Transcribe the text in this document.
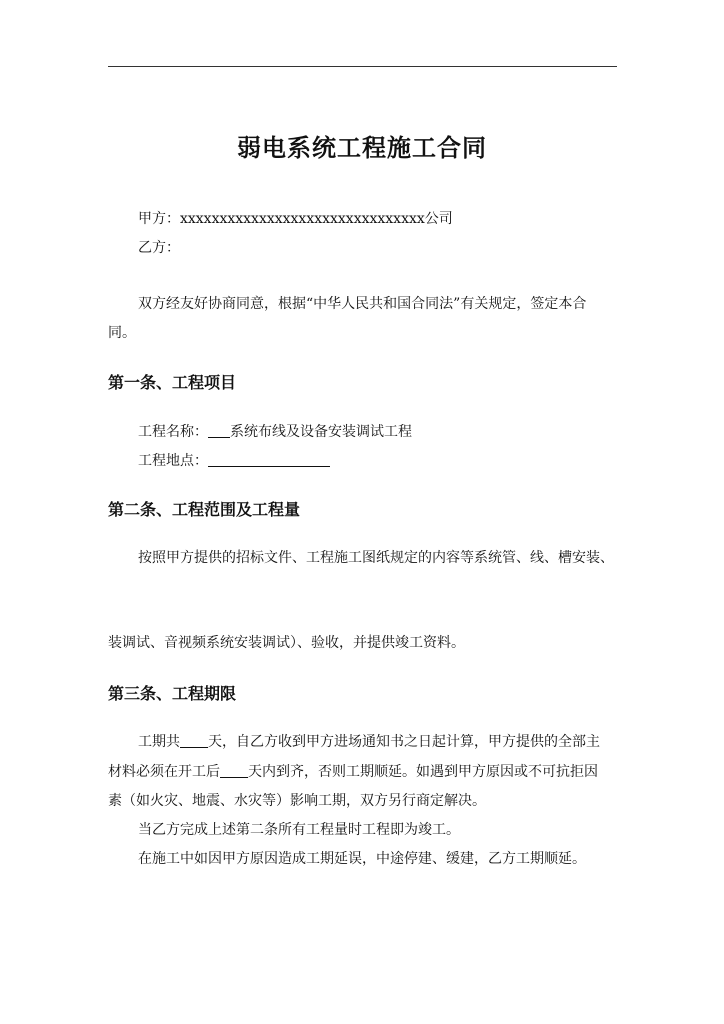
弱电系统工程施工合同
甲方：xxxxxxxxxxxxxxxxxxxxxxxxxxxxxxx公司
乙方：
双方经友好协商同意，根据“中华人民共和国合同法”有关规定，签定本合
同。
第一条、工程项目
工程名称： 系统布线及设备安装调试工程
工程地点：
第二条、工程范围及工程量
按照甲方提供的招标文件、工程施工图纸规定的内容等系统管、线、槽安装、
装调试、音视频系统安装调试）、验收，并提供竣工资料。
第三条、工程期限
工期共 天，自乙方收到甲方进场通知书之日起计算，甲方提供的全部主
材料必须在开工后 天内到齐，否则工期顺延。如遇到甲方原因或不可抗拒因
素（如火灾、地震、水灾等）影响工期，双方另行商定解决。
当乙方完成上述第二条所有工程量时工程即为竣工。
在施工中如因甲方原因造成工期延误，中途停建、缓建，乙方工期顺延。
